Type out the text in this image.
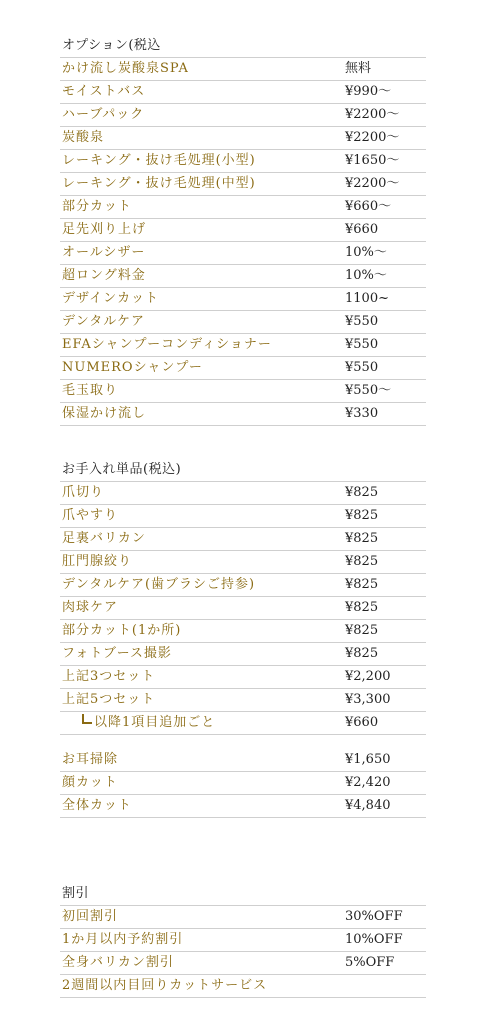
オプション(税込
かけ流し炭酸泉SPA	無料
モイストバス	¥990〜
ハーブパック	¥2200〜
炭酸泉	¥2200〜
レーキング・抜け毛処理(小型)	¥1650〜
レーキング・抜け毛処理(中型)	¥2200〜
部分カット	¥660〜
足先刈り上げ	¥660
オールシザー	10%〜
超ロング料金	10%〜
デザインカット	1100~
デンタルケア	¥550
EFAシャンプーコンディショナー	¥550
NUMEROシャンプー	¥550
毛玉取り	¥550〜
保湿かけ流し	¥330
お手入れ単品(税込)
爪切り	¥825
爪やすり	¥825
足裏バリカン	¥825
肛門腺絞り	¥825
デンタルケア(歯ブラシご持参)	¥825
肉球ケア	¥825
部分カット(1か所)	¥825
フォトブース撮影	¥825
上記3つセット	¥2,200
上記5つセット	¥3,300
以降1項目追加ごと	¥660
お耳掃除	¥1,650
顔カット	¥2,420
全体カット	¥4,840
割引
初回割引	30%OFF
1か月以内予約割引	10%OFF
全身バリカン割引	5%OFF
2週間以内目回りカットサービス
